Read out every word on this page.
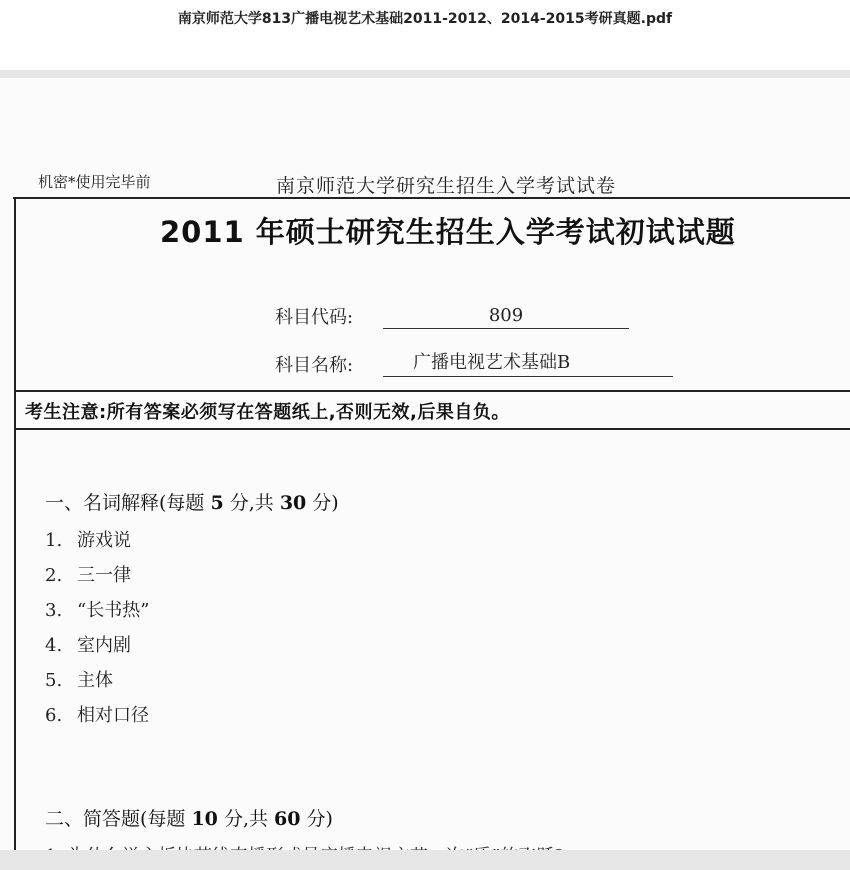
南京师范大学813广播电视艺术基础2011-2012、2014-2015考研真题.pdf
机密*使用完毕前	南京师范大学研究生招生入学考试试卷
2011 年硕士研究生招生入学考试初试试题
科目代码:	809
科目名称:	广播电视艺术基础B
考生注意:所有答案必须写在答题纸上,否则无效,后果自负。
一、名词解释(每题 5 分,共 30 分)
1. 游戏说
2. 三一律
3. “长书热”
4. 室内剧
5. 主体
6. 相对口径
二、简答题(每题 10 分,共 60 分)
